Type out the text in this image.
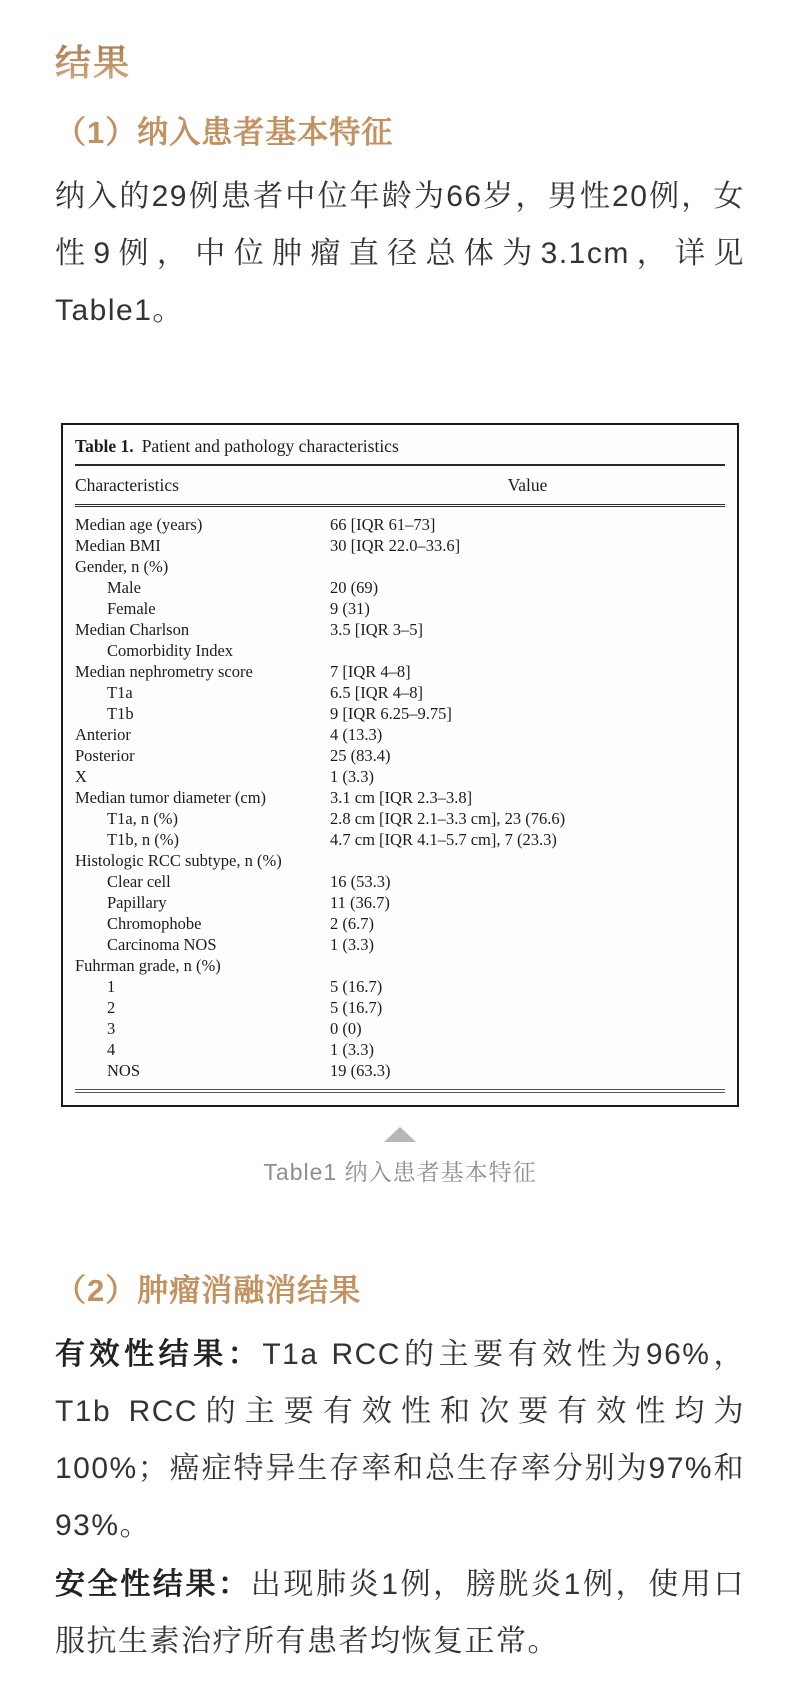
结果
（1）纳入患者基本特征

纳入的29例患者中位年龄为66岁，男性20例，女性9例，中位肿瘤直径总体为3.1cm，详见Table1。

Table 1. Patient and pathology characteristics
Characteristics	Value
Median age (years)	66 [IQR 61–73]
Median BMI	30 [IQR 22.0–33.6]
Gender, n (%)
Male	20 (69)
Female	9 (31)
Median Charlson	3.5 [IQR 3–5]
Comorbidity Index
Median nephrometry score	7 [IQR 4–8]
T1a	6.5 [IQR 4–8]
T1b	9 [IQR 6.25–9.75]
Anterior	4 (13.3)
Posterior	25 (83.4)
X	1 (3.3)
Median tumor diameter (cm)	3.1 cm [IQR 2.3–3.8]
T1a, n (%)	2.8 cm [IQR 2.1–3.3 cm], 23 (76.6)
T1b, n (%)	4.7 cm [IQR 4.1–5.7 cm], 7 (23.3)
Histologic RCC subtype, n (%)
Clear cell	16 (53.3)
Papillary	11 (36.7)
Chromophobe	2 (6.7)
Carcinoma NOS	1 (3.3)
Fuhrman grade, n (%)
1	5 (16.7)
2	5 (16.7)
3	0 (0)
4	1 (3.3)
NOS	19 (63.3)
Table1 纳入患者基本特征
（2）肿瘤消融消结果

有效性结果：T1a RCC的主要有效性为96%，T1b RCC的主要有效性和次要有效性均为100%；癌症特异生存率和总生存率分别为97%和93%。

安全性结果：出现肺炎1例，膀胱炎1例，使用口服抗生素治疗所有患者均恢复正常。
